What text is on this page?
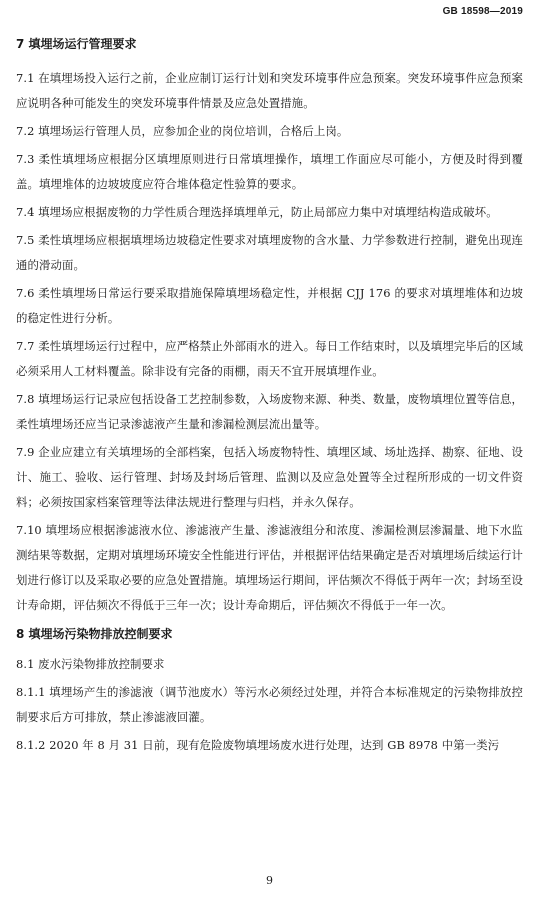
GB 18598—2019
7 填埋场运行管理要求

7.1 在填埋场投入运行之前，企业应制订运行计划和突发环境事件应急预案。突发环境事件应急预案应说明各种可能发生的突发环境事件情景及应急处置措施。

7.2 填埋场运行管理人员，应参加企业的岗位培训，合格后上岗。

7.3 柔性填埋场应根据分区填埋原则进行日常填埋操作，填埋工作面应尽可能小，方便及时得到覆盖。填埋堆体的边坡坡度应符合堆体稳定性验算的要求。

7.4 填埋场应根据废物的力学性质合理选择填埋单元，防止局部应力集中对填埋结构造成破坏。

7.5 柔性填埋场应根据填埋场边坡稳定性要求对填埋废物的含水量、力学参数进行控制，避免出现连通的滑动面。

7.6 柔性填埋场日常运行要采取措施保障填埋场稳定性，并根据 CJJ 176 的要求对填埋堆体和边坡的稳定性进行分析。

7.7 柔性填埋场运行过程中，应严格禁止外部雨水的进入。每日工作结束时，以及填埋完毕后的区域必须采用人工材料覆盖。除非设有完备的雨棚，雨天不宜开展填埋作业。

7.8 填埋场运行记录应包括设备工艺控制参数，入场废物来源、种类、数量，废物填埋位置等信息，柔性填埋场还应当记录渗滤液产生量和渗漏检测层流出量等。

7.9 企业应建立有关填埋场的全部档案，包括入场废物特性、填埋区域、场址选择、勘察、征地、设计、施工、验收、运行管理、封场及封场后管理、监测以及应急处置等全过程所形成的一切文件资料；必须按国家档案管理等法律法规进行整理与归档，并永久保存。

7.10 填埋场应根据渗滤液水位、渗滤液产生量、渗滤液组分和浓度、渗漏检测层渗漏量、地下水监测结果等数据，定期对填埋场环境安全性能进行评估，并根据评估结果确定是否对填埋场后续运行计划进行修订以及采取必要的应急处置措施。填埋场运行期间，评估频次不得低于两年一次；封场至设计寿命期，评估频次不得低于三年一次；设计寿命期后，评估频次不得低于一年一次。

8 填埋场污染物排放控制要求

8.1 废水污染物排放控制要求

8.1.1 填埋场产生的渗滤液（调节池废水）等污水必须经过处理，并符合本标准规定的污染物排放控制要求后方可排放，禁止渗滤液回灌。

8.1.2 2020 年 8 月 31 日前，现有危险废物填埋场废水进行处理，达到 GB 8978 中第一类污

9
